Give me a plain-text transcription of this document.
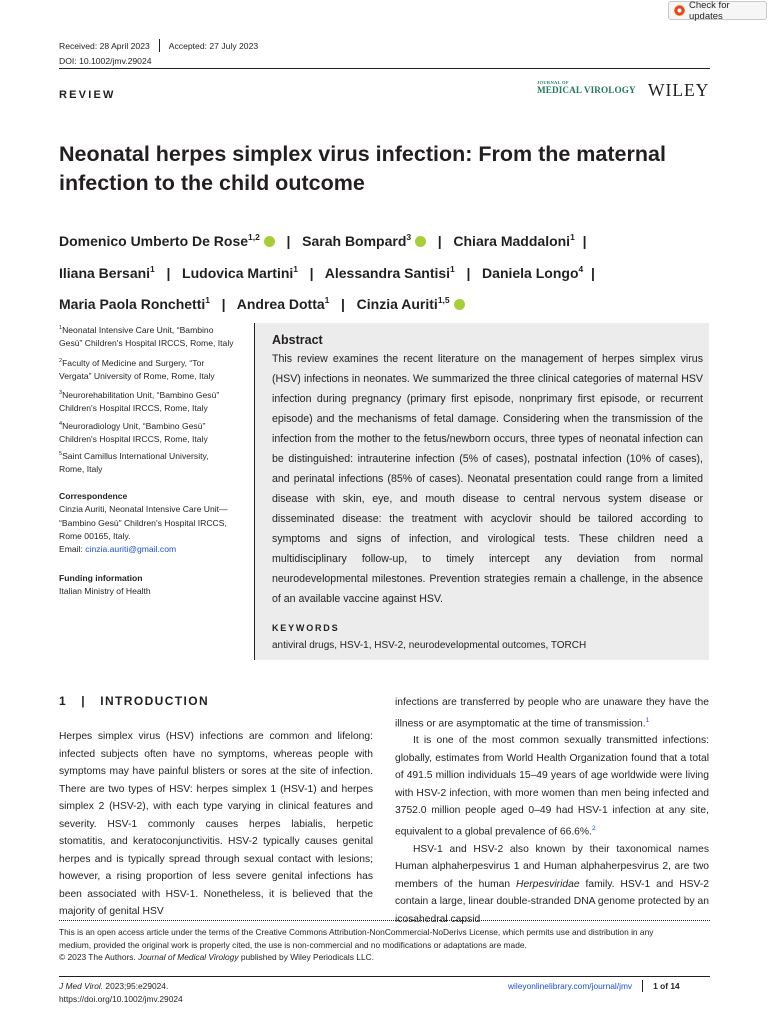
Check for updates
Received: 28 April 2023 Accepted: 27 July 2023
DOI: 10.1002/jmv.29024
REVIEW
JOURNAL OF
MEDICAL VIROLOGY WILEY
Neonatal herpes simplex virus infection: From the maternal
infection to the child outcome
Domenico Umberto De Rose$^{1,2}$iD   |   Sarah Bompard$^3$iD   |   Chiara Maddaloni$^1$  |
Iliana Bersani$^1$   |   Ludovica Martini$^1$   |   Alessandra Santisi$^1$   |   Daniela Longo$^4$  |
Maria Paola Ronchetti$^1$   |   Andrea Dotta$^1$   |   Cinzia Auriti$^{1,5}$iD
$^1$Neonatal Intensive Care Unit, “Bambino
Gesù” Children's Hospital IRCCS, Rome, Italy
$^2$Faculty of Medicine and Surgery, “Tor
Vergata” University of Rome, Rome, Italy
$^3$Neurorehabilitation Unit, “Bambino Gesù”
Children's Hospital IRCCS, Rome, Italy
$^4$Neuroradiology Unit, “Bambino Gesù”
Children's Hospital IRCCS, Rome, Italy
$^5$Saint Camillus International University,
Rome, Italy
Correspondence
Cinzia Auriti, Neonatal Intensive Care Unit—
“Bambino Gesù” Children's Hospital IRCCS,
Rome 00165, Italy.
Email: cinzia.auriti@gmail.com
Funding information
Italian Ministry of Health
Abstract
This review examines the recent literature on the management of herpes simplex virus (HSV) infections in neonates. We summarized the three clinical categories of maternal HSV infection during pregnancy (primary first episode, nonprimary first episode, or recurrent episode) and the mechanisms of fetal damage. Considering when the transmission of the infection from the mother to the fetus/newborn occurs, three types of neonatal infection can be distinguished: intrauterine infection (5% of cases), postnatal infection (10% of cases), and perinatal infections (85% of cases). Neonatal presentation could range from a limited disease with skin, eye, and mouth disease to central nervous system disease or disseminated disease: the treatment with acyclovir should be tailored according to symptoms and signs of infection, and virological tests. These children need a multidisciplinary follow-up, to timely intercept any deviation from normal neurodevelopmental milestones. Prevention strategies remain a challenge, in the absence of an available vaccine against HSV.
KEYWORDS
antiviral drugs, HSV-1, HSV-2, neurodevelopmental outcomes, TORCH
1   |   INTRODUCTION

Herpes simplex virus (HSV) infections are common and lifelong: infected subjects often have no symptoms, whereas people with symptoms may have painful blisters or sores at the site of infection. There are two types of HSV: herpes simplex 1 (HSV-1) and herpes simplex 2 (HSV-2), with each type varying in clinical features and severity. HSV-1 commonly causes herpes labialis, herpetic stomatitis, and keratoconjunctivitis. HSV-2 typically causes genital herpes and is typically spread through sexual contact with lesions; however, a rising proportion of less severe genital infections has been associated with HSV-1. Nonetheless, it is believed that the majority of genital HSV

infections are transferred by people who are unaware they have the illness or are asymptomatic at the time of transmission.$^1$

It is one of the most common sexually transmitted infections: globally, estimates from World Health Organization found that a total of 491.5 million individuals 15–49 years of age worldwide were living with HSV-2 infection, with more women than men being infected and 3752.0 million people aged 0–49 had HSV-1 infection at any site, equivalent to a global prevalence of 66.6%.$^2$

HSV-1 and HSV-2 also known by their taxonomical names Human alphaherpesvirus 1 and Human alphaherpesvirus 2, are two members of the human Herpesviridae family. HSV-1 and HSV-2 contain a large, linear double-stranded DNA genome protected by an icosahedral capsid

This is an open access article under the terms of the Creative Commons Attribution-NonCommercial-NoDerivs License, which permits use and distribution in any
medium, provided the original work is properly cited, the use is non-commercial and no modifications or adaptations are made.
© 2023 The Authors. Journal of Medical Virology published by Wiley Periodicals LLC.
J Med Virol. 2023;95:e29024.
https://doi.org/10.1002/jmv.29024
wileyonlinelibrary.com/journal/jmv	1 of 14
